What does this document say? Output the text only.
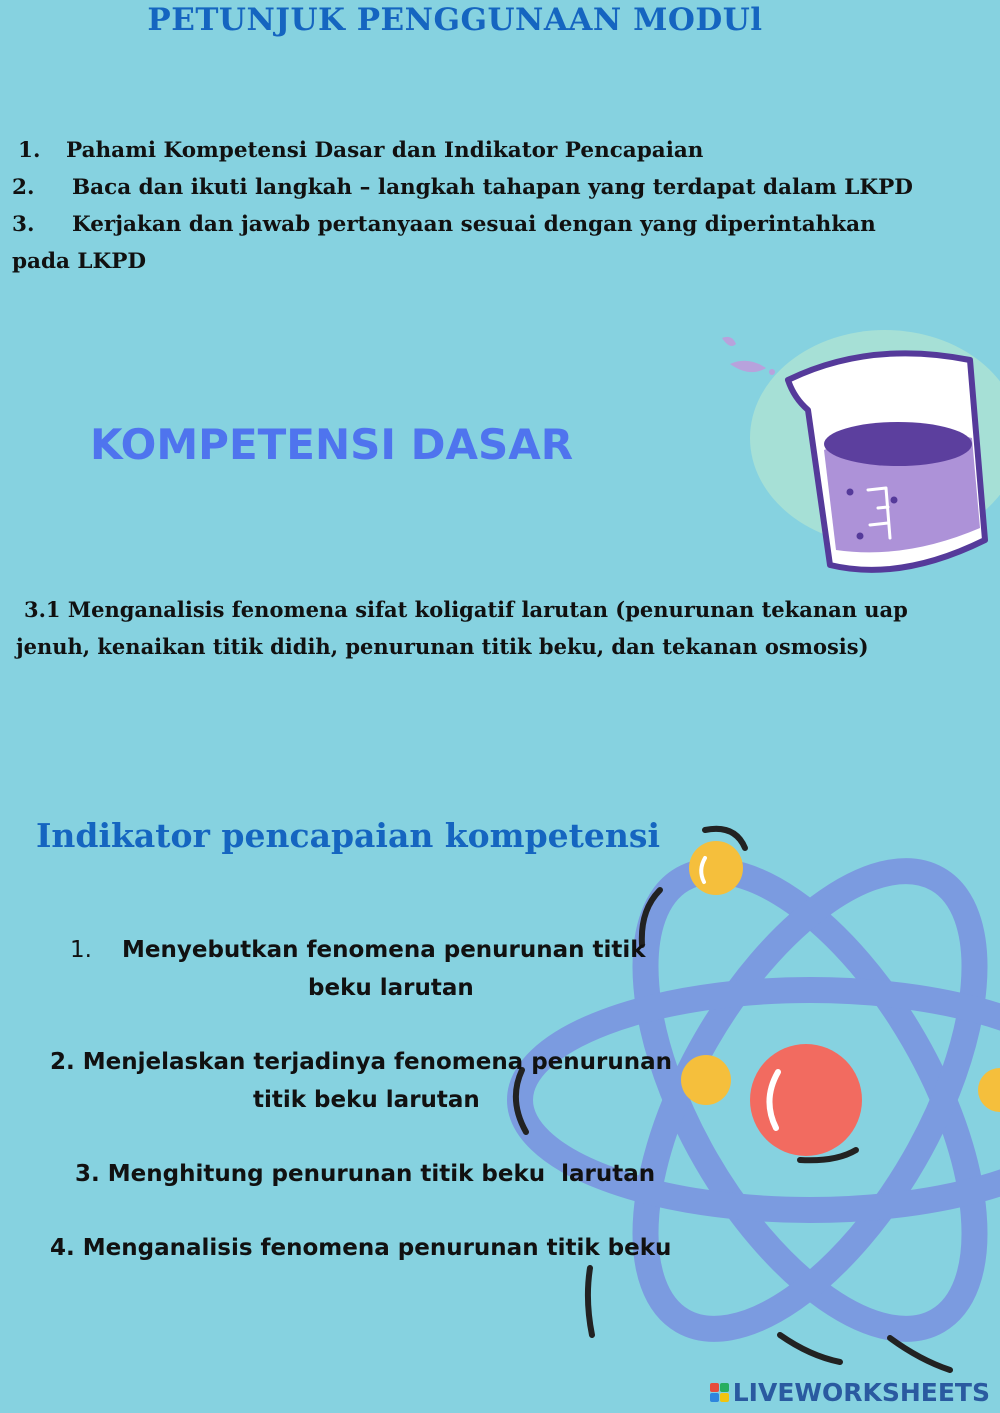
PETUNJUK PENGGUNAAN MODUl
1. Pahami Kompetensi Dasar dan Indikator Pencapaian
2. Baca dan ikuti langkah – langkah tahapan yang terdapat dalam LKPD
3. Kerjakan dan jawab pertanyaan sesuai dengan yang diperintahkan
pada LKPD
KOMPETENSI DASAR
3.1 Menganalisis fenomena sifat koligatif larutan (penurunan tekanan uap
jenuh, kenaikan titik didih, penurunan titik beku, dan tekanan osmosis)
Indikator pencapaian kompetensi
1. Menyebutkan fenomena penurunan titik
beku larutan
2. Menjelaskan terjadinya fenomena penurunan
titik beku larutan
3. Menghitung penurunan titik beku  larutan
4. Menganalisis fenomena penurunan titik beku
LIVEWORKSHEETS
